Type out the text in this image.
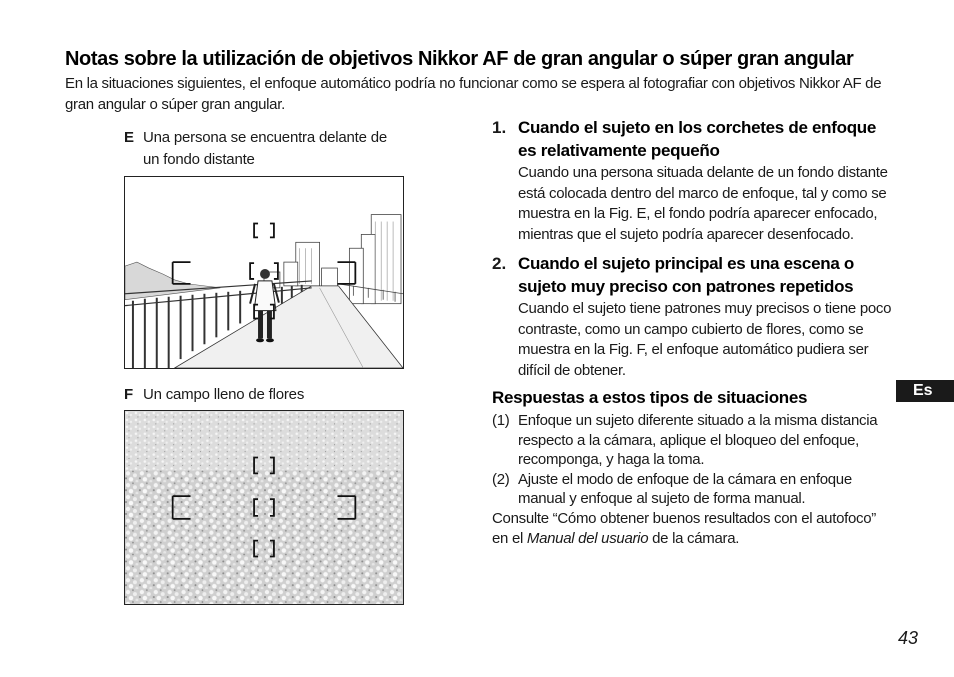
Notas sobre la utilización de objetivos Nikkor AF de gran angular o súper gran angular

En la situaciones siguientes, el enfoque automático podría no funcionar como se espera al fotografiar con objetivos Nikkor AF de gran angular o súper gran angular.

E Una persona se encuentra delante de un fondo distante
F Un campo lleno de flores
1. Cuando el sujeto en los corchetes de enfoque es relativamente pequeño
Cuando una persona situada delante de un fondo distante está colocada dentro del marco de enfoque, tal y como se muestra en la Fig. E, el fondo podría aparecer enfocado, mientras que el sujeto podría aparecer desenfocado.
2. Cuando el sujeto principal es una escena o sujeto muy preciso con patrones repetidos
Cuando el sujeto tiene patrones muy precisos o tiene poco contraste, como un campo cubierto de flores, como se muestra en la Fig. F, el enfoque automático pudiera ser difícil de obtener.
Respuestas a estos tipos de situaciones
(1) Enfoque un sujeto diferente situado a la misma distancia respecto a la cámara, aplique el bloqueo del enfoque, recomponga, y haga la toma.
(2) Ajuste el modo de enfoque de la cámara en enfoque manual y enfoque al sujeto de forma manual.
Consulte “Cómo obtener buenos resultados con el autofoco” en el Manual del usuario de la cámara.
Es
43
